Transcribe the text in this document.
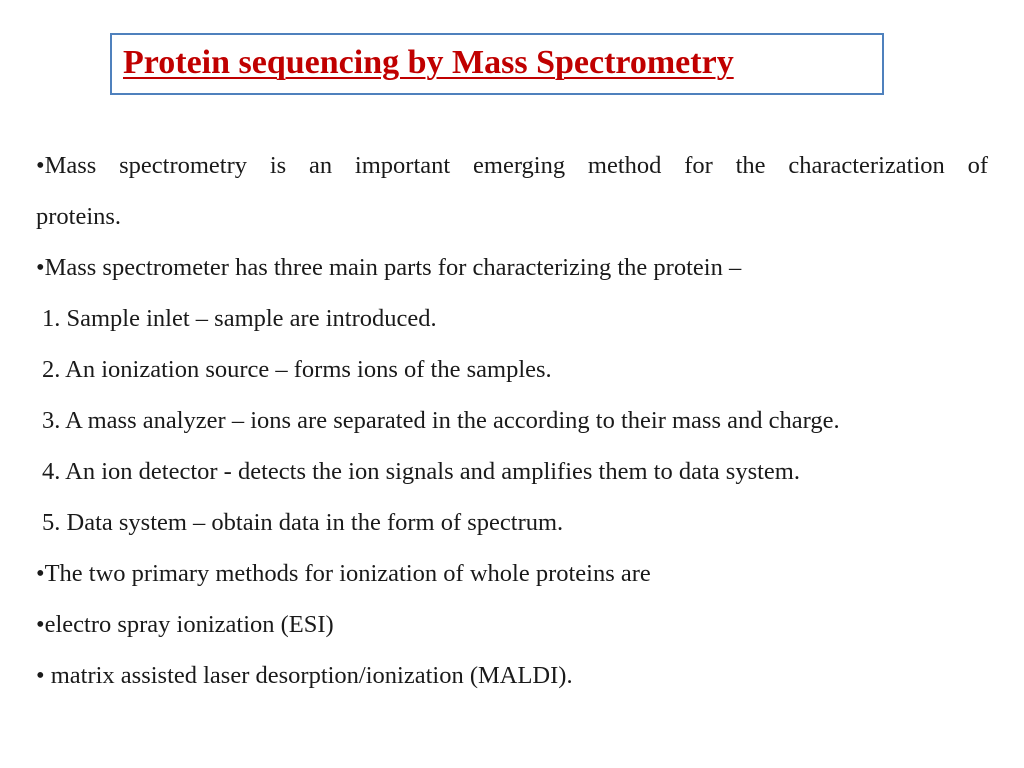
Protein sequencing by Mass Spectrometry
•Mass spectrometry is an important emerging method for the characterization of
proteins.
•Mass spectrometer has three main parts for characterizing the protein –
1. Sample inlet – sample are introduced.
2. An ionization source – forms ions of the samples.
3. A mass analyzer – ions are separated in the according to their mass and charge.
4. An ion detector - detects the ion signals and amplifies them to data system.
5. Data system – obtain data in the form of spectrum.
•The two primary methods for ionization of whole proteins are
•electro spray ionization (ESI)
• matrix assisted laser desorption/ionization (MALDI).
